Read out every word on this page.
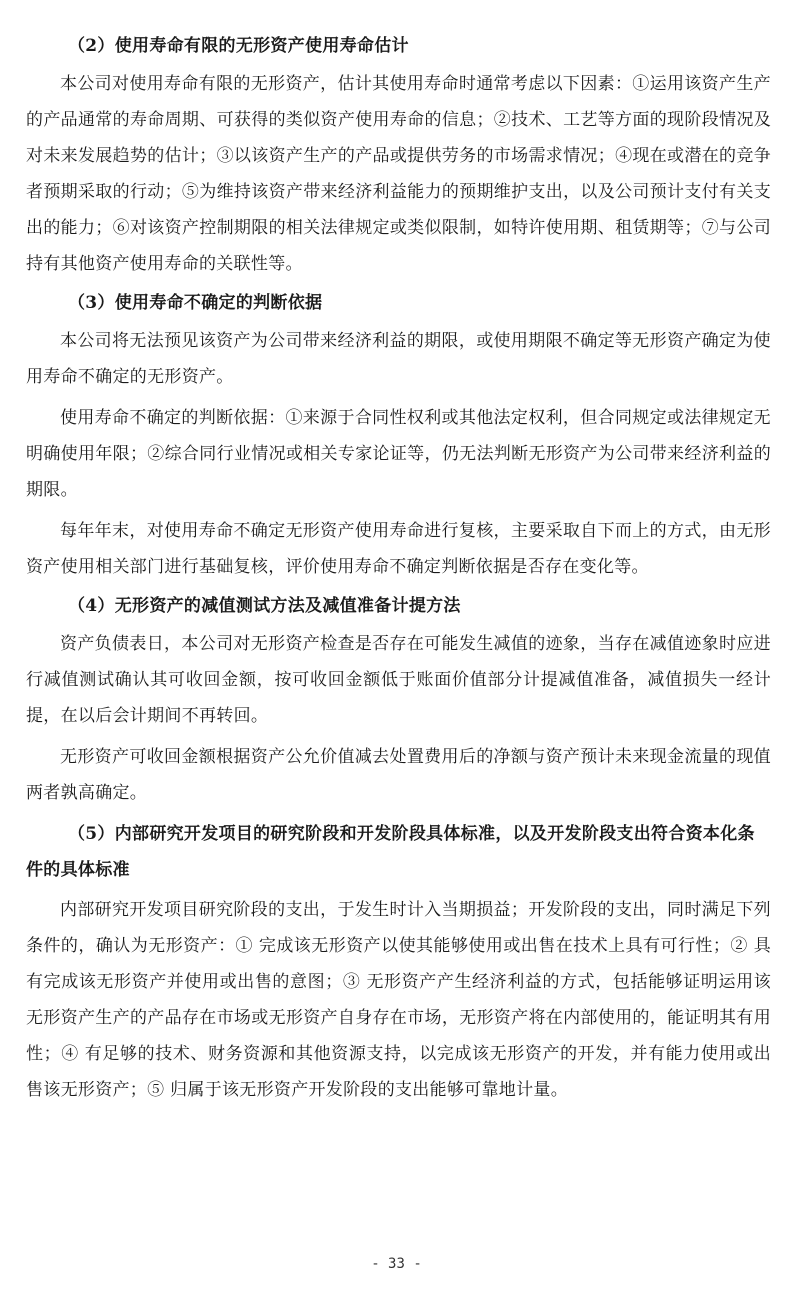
（2）使用寿命有限的无形资产使用寿命估计

本公司对使用寿命有限的无形资产，估计其使用寿命时通常考虑以下因素：①运用该资产生产的产品通常的寿命周期、可获得的类似资产使用寿命的信息；②技术、工艺等方面的现阶段情况及对未来发展趋势的估计；③以该资产生产的产品或提供劳务的市场需求情况；④现在或潜在的竞争者预期采取的行动；⑤为维持该资产带来经济利益能力的预期维护支出，以及公司预计支付有关支出的能力；⑥对该资产控制期限的相关法律规定或类似限制，如特许使用期、租赁期等；⑦与公司持有其他资产使用寿命的关联性等。

（3）使用寿命不确定的判断依据

本公司将无法预见该资产为公司带来经济利益的期限，或使用期限不确定等无形资产确定为使用寿命不确定的无形资产。

使用寿命不确定的判断依据：①来源于合同性权利或其他法定权利，但合同规定或法律规定无明确使用年限；②综合同行业情况或相关专家论证等，仍无法判断无形资产为公司带来经济利益的期限。

每年年末，对使用寿命不确定无形资产使用寿命进行复核，主要采取自下而上的方式，由无形资产使用相关部门进行基础复核，评价使用寿命不确定判断依据是否存在变化等。

（4）无形资产的减值测试方法及减值准备计提方法

资产负债表日，本公司对无形资产检查是否存在可能发生减值的迹象，当存在减值迹象时应进行减值测试确认其可收回金额，按可收回金额低于账面价值部分计提减值准备，减值损失一经计提，在以后会计期间不再转回。

无形资产可收回金额根据资产公允价值减去处置费用后的净额与资产预计未来现金流量的现值两者孰高确定。

（5）内部研究开发项目的研究阶段和开发阶段具体标准，以及开发阶段支出符合资本化条件的具体标准

内部研究开发项目研究阶段的支出，于发生时计入当期损益；开发阶段的支出，同时满足下列条件的，确认为无形资产：① 完成该无形资产以使其能够使用或出售在技术上具有可行性；② 具有完成该无形资产并使用或出售的意图；③ 无形资产产生经济利益的方式，包括能够证明运用该无形资产生产的产品存在市场或无形资产自身存在市场，无形资产将在内部使用的，能证明其有用性；④ 有足够的技术、财务资源和其他资源支持，以完成该无形资产的开发，并有能力使用或出售该无形资产；⑤ 归属于该无形资产开发阶段的支出能够可靠地计量。

- 33 -
